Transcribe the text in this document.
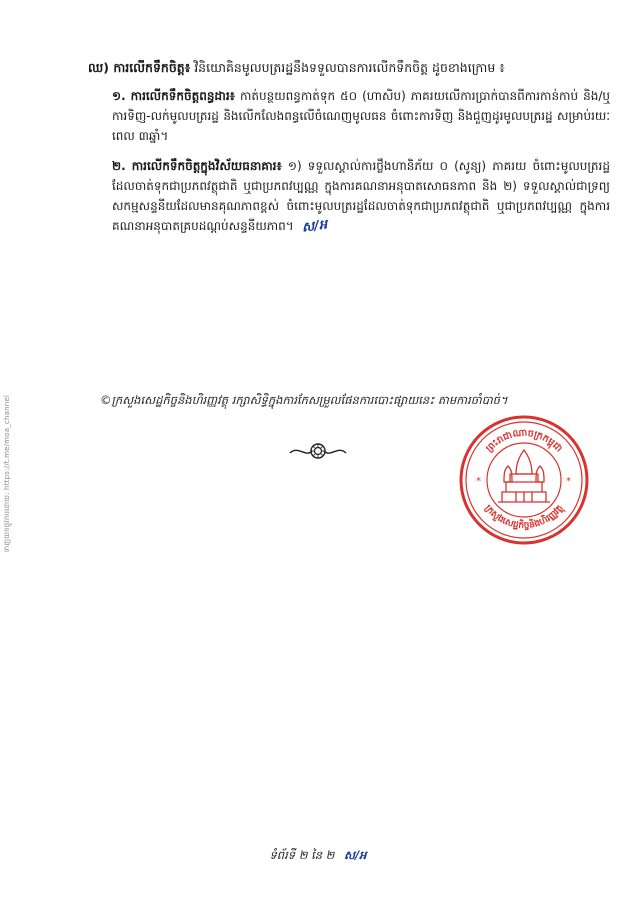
ទាញយកផ្លូវការដោយ: https://t.me/moa_channel
ឈ) ការលើកទឹកចិត្ត៖ វិនិយោគិនមូលបត្ររដ្ឋនឹងទទួលបានការលើកទឹកចិត្ត ដូចខាងក្រោម ៖
១. ការលើកទឹកចិត្តពន្ធដារ៖ កាត់បន្ថយពន្ធកាត់ទុក ៥០ (ហាសិប) ភាគរយលើការប្រាក់បានពីការកាន់កាប់ និង/ឬ ការទិញ-លក់មូលបត្ររដ្ឋ និងលើកលែងពន្ធលើចំណេញមូលធន ចំពោះការទិញ និងជួញដូរមូលបត្ររដ្ឋ សម្រាប់រយៈពេល ៣ឆ្នាំ។
២. ការលើកទឹកចិត្តក្នុងវិស័យធនាគារ៖ ១) ទទួលស្គាល់ការថ្លឹងហានិភ័យ ០ (សូន្យ) ភាគរយ ចំពោះមូលបត្ររដ្ឋដែលចាត់ទុកជាប្រភពវត្ថុជាតិ ឬជាប្រភពវប្បណ្ណ ក្នុងការគណនាអនុបាតសោធនភាព និង ២) ទទួលស្គាល់ជាទ្រព្យសកម្មសន្ទនីយដែលមានគុណភាពខ្ពស់ ចំពោះមូលបត្ររដ្ឋដែលចាត់ទុកជាប្រភពវត្ថុជាតិ ឬជាប្រភពវប្បណ្ណ ក្នុងការគណនាអនុបាតគ្របដណ្តប់សន្ទនីយភាព។ ស/អ
©ក្រសួងសេដ្ឋកិច្ចនិងហិរញ្ញវត្ថុ រក្សាសិទ្ធិក្នុងការកែសម្រួលផែនការបោះផ្សាយនេះ តាមការចាំបាច់។
ព្រះរាជាណាចក្រកម្ពុជា
ក្រសួងសេដ្ឋកិច្ចនិងហិរញ្ញវត្ថុ
*	*
ទំព័រទី ២ នៃ ២ ស/អ
